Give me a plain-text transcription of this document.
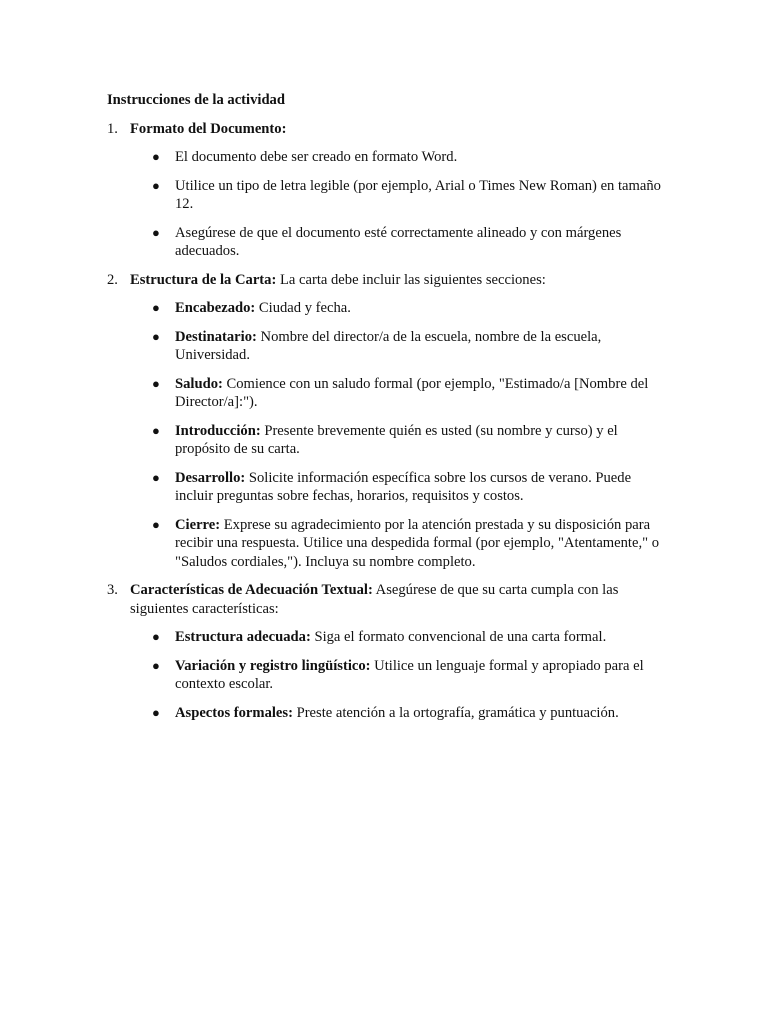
Instrucciones de la actividad

1. Formato del Documento:

● El documento debe ser creado en formato Word.
● Utilice un tipo de letra legible (por ejemplo, Arial o Times New Roman) en tamaño 12.
● Asegúrese de que el documento esté correctamente alineado y con márgenes adecuados.
2. Estructura de la Carta: La carta debe incluir las siguientes secciones:

● Encabezado: Ciudad y fecha.
● Destinatario: Nombre del director/a de la escuela, nombre de la escuela, Universidad.
● Saludo: Comience con un saludo formal (por ejemplo, "Estimado/a [Nombre del Director/a]:").
● Introducción: Presente brevemente quién es usted (su nombre y curso) y el propósito de su carta.
● Desarrollo: Solicite información específica sobre los cursos de verano. Puede incluir preguntas sobre fechas, horarios, requisitos y costos.
● Cierre: Exprese su agradecimiento por la atención prestada y su disposición para recibir una respuesta. Utilice una despedida formal (por ejemplo, "Atentamente," o "Saludos cordiales,"). Incluya su nombre completo.
3. Características de Adecuación Textual: Asegúrese de que su carta cumpla con las siguientes características:

● Estructura adecuada: Siga el formato convencional de una carta formal.
● Variación y registro lingüístico: Utilice un lenguaje formal y apropiado para el contexto escolar.
● Aspectos formales: Preste atención a la ortografía, gramática y puntuación.
